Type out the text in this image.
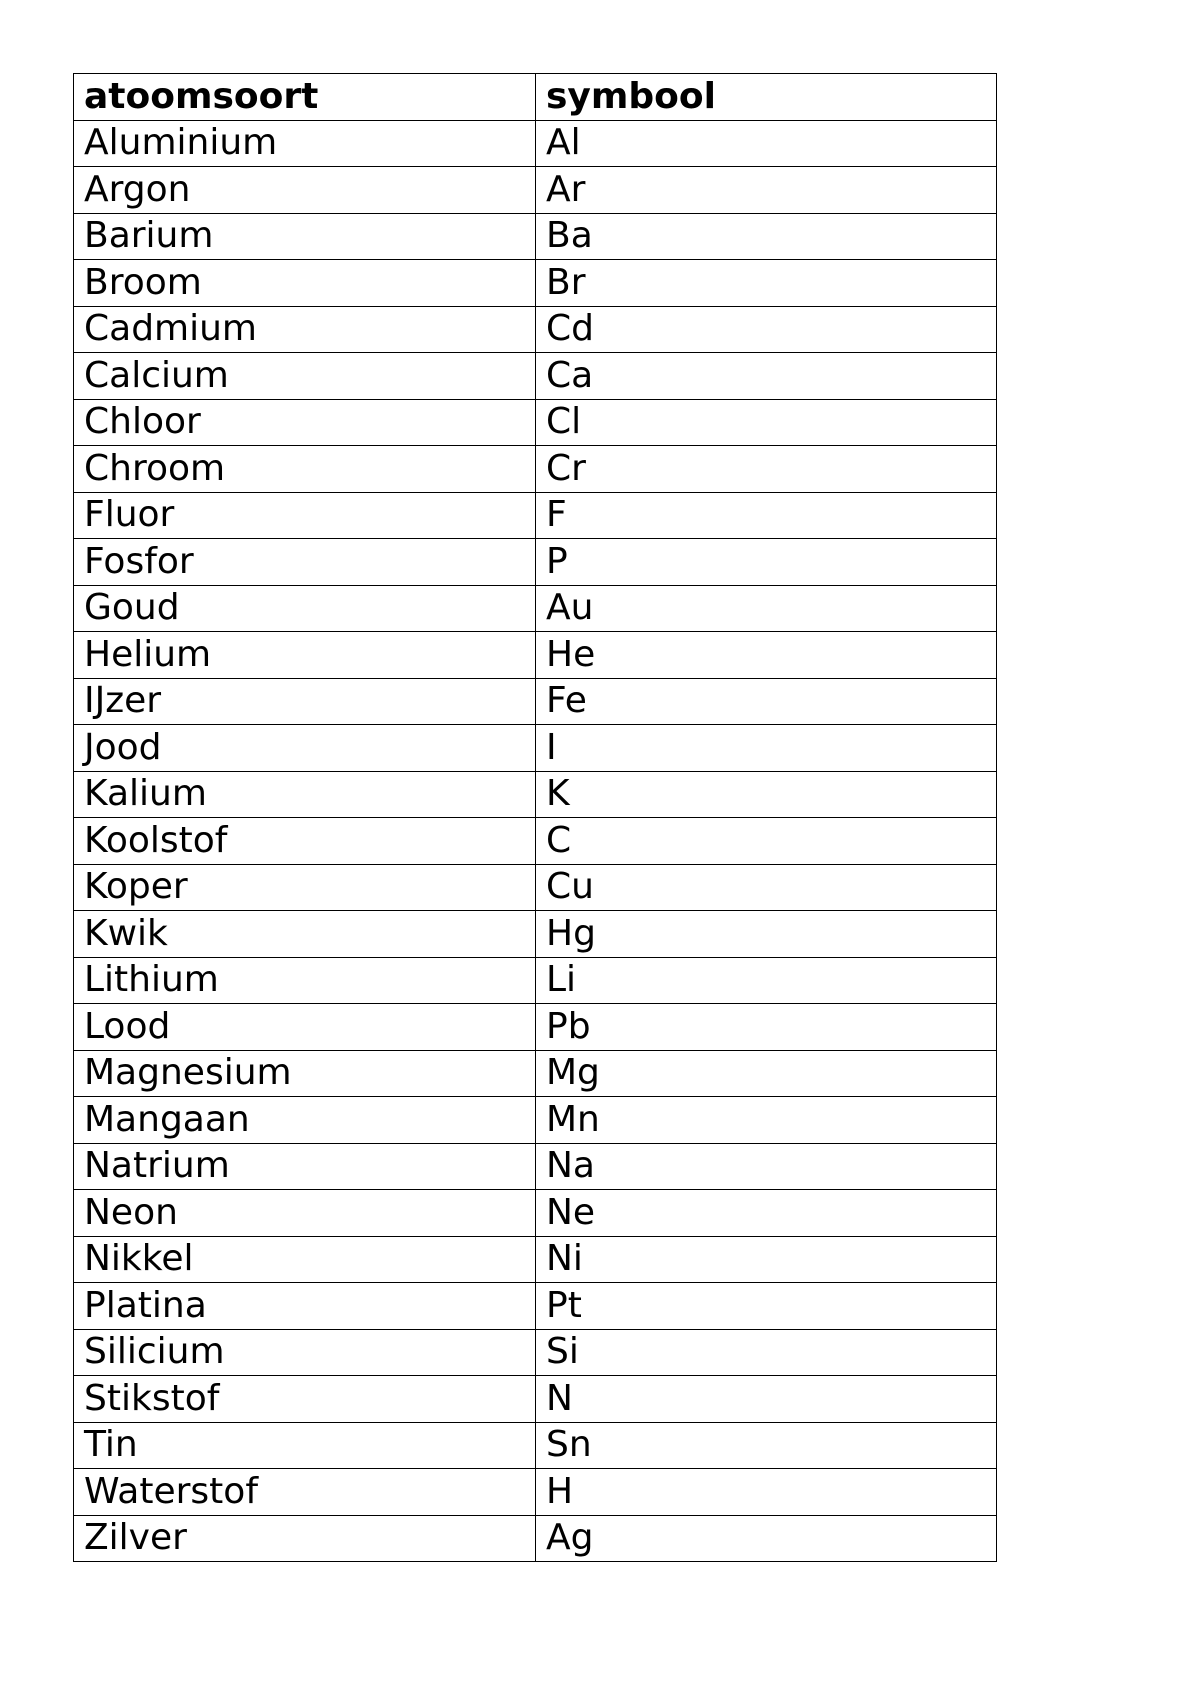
atoomsoort	symbool
Aluminium	Al
Argon	Ar
Barium	Ba
Broom	Br
Cadmium	Cd
Calcium	Ca
Chloor	Cl
Chroom	Cr
Fluor	F
Fosfor	P
Goud	Au
Helium	He
IJzer	Fe
Jood	I
Kalium	K
Koolstof	C
Koper	Cu
Kwik	Hg
Lithium	Li
Lood	Pb
Magnesium	Mg
Mangaan	Mn
Natrium	Na
Neon	Ne
Nikkel	Ni
Platina	Pt
Silicium	Si
Stikstof	N
Tin	Sn
Waterstof	H
Zilver	Ag
